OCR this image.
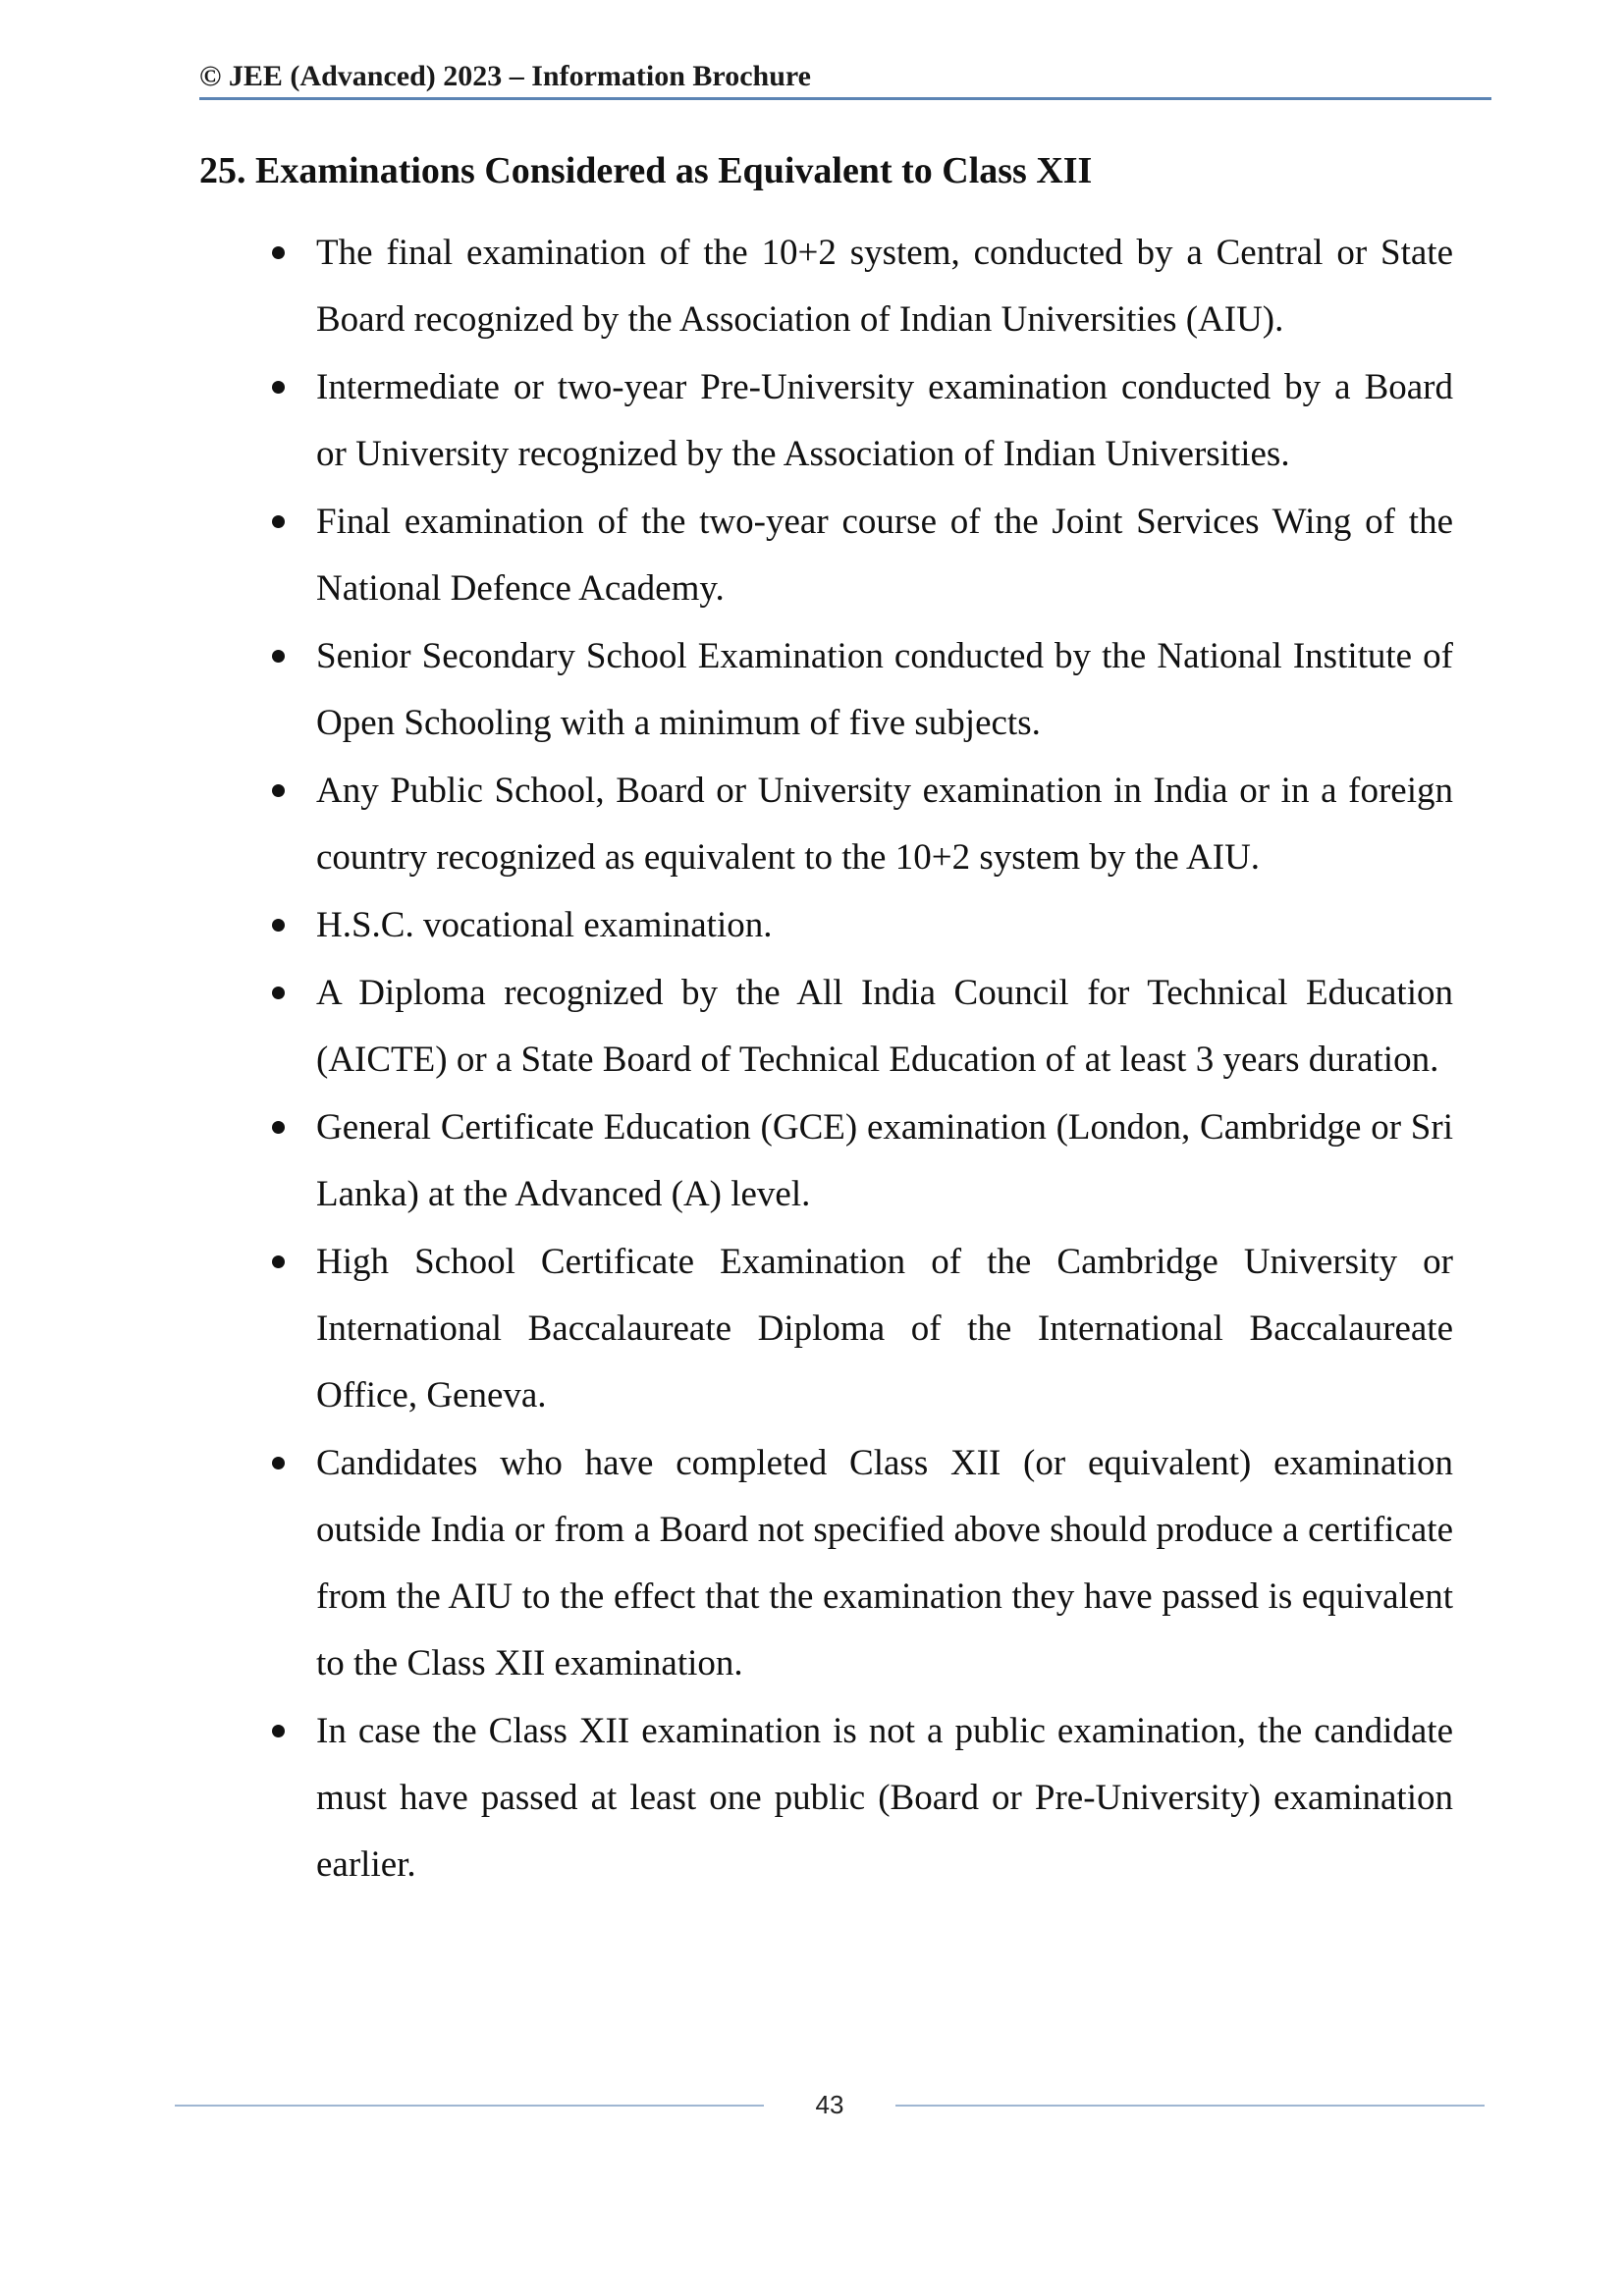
© JEE (Advanced) 2023 – Information Brochure
25. Examinations Considered as Equivalent to Class XII
The final examination of the 10+2 system, conducted by a Central or State Board recognized by the Association of Indian Universities (AIU).
Intermediate or two-year Pre-University examination conducted by a Board or University recognized by the Association of Indian Universities.
Final examination of the two-year course of the Joint Services Wing of the National Defence Academy.
Senior Secondary School Examination conducted by the National Institute of Open Schooling with a minimum of five subjects.
Any Public School, Board or University examination in India or in a foreign country recognized as equivalent to the 10+2 system by the AIU.
H.S.C. vocational examination.
A Diploma recognized by the All India Council for Technical Education (AICTE) or a State Board of Technical Education of at least 3 years duration.
General Certificate Education (GCE) examination (London, Cambridge or Sri Lanka) at the Advanced (A) level.
High School Certificate Examination of the Cambridge University or International Baccalaureate Diploma of the International Baccalaureate Office, Geneva.
Candidates who have completed Class XII (or equivalent) examination outside India or from a Board not specified above should produce a certificate from the AIU to the effect that the examination they have passed is equivalent to the Class XII examination.
In case the Class XII examination is not a public examination, the candidate must have passed at least one public (Board or Pre-University) examination earlier.
43
